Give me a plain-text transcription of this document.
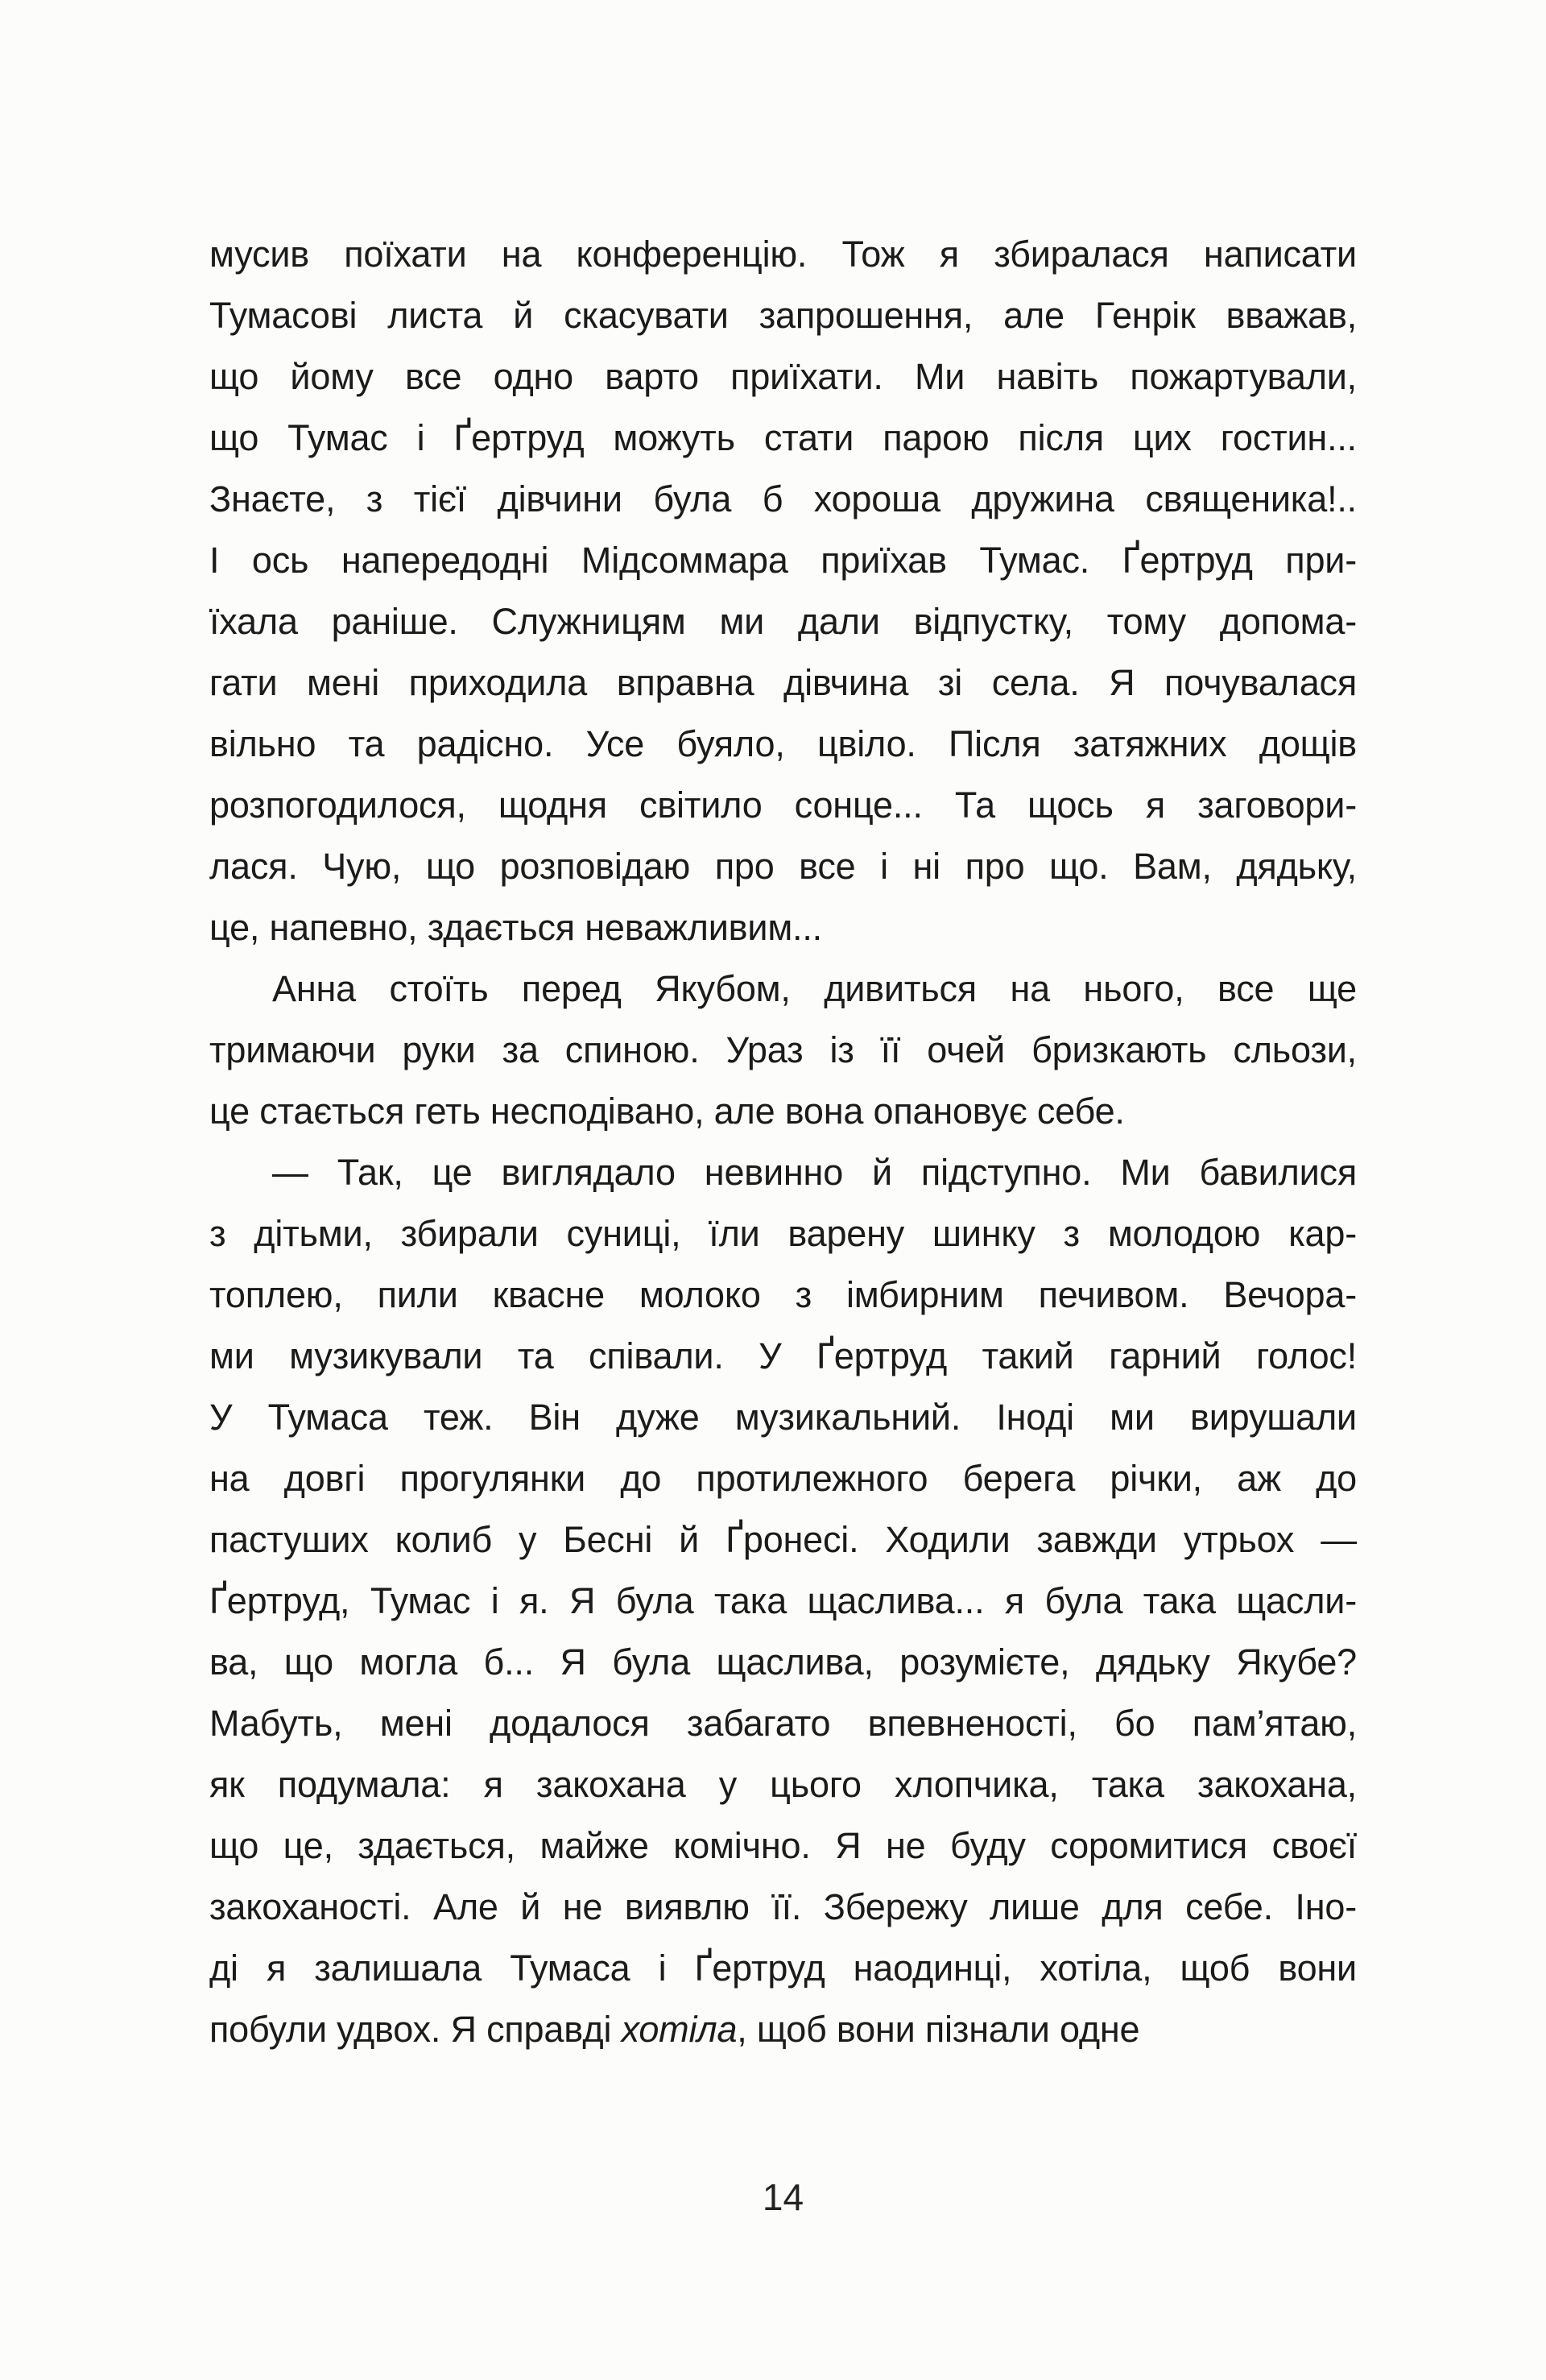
мусив поїхати на конференцію. Тож я збиралася написати
Тумасові листа й скасувати запрошення, але Генрік вважав,
що йому все одно варто приїхати. Ми навіть пожартували,
що Тумас і Ґертруд можуть стати парою після цих гостин...
Знаєте, з тієї дівчини була б хороша дружина священика!..
І ось напередодні Мідсоммара приїхав Тумас. Ґертруд при-
їхала раніше. Служницям ми дали відпустку, тому допома-
гати мені приходила вправна дівчина зі села. Я почувалася
вільно та радісно. Усе буяло, цвіло. Після затяжних дощів
розпогодилося, щодня світило сонце... Та щось я заговори-
лася. Чую, що розповідаю про все і ні про що. Вам, дядьку,
це, напевно, здається неважливим...
Анна стоїть перед Якубом, дивиться на нього, все ще
тримаючи руки за спиною. Ураз із її очей бризкають сльози,
це стається геть несподівано, але вона опановує себе.
— Так, це виглядало невинно й підступно. Ми бавилися
з дітьми, збирали суниці, їли варену шинку з молодою кар-
топлею, пили квасне молоко з імбирним печивом. Вечора-
ми музикували та співали. У Ґертруд такий гарний голос!
У Тумаса теж. Він дуже музикальний. Іноді ми вирушали
на довгі прогулянки до протилежного берега річки, аж до
пастуших колиб у Бесні й Ґронесі. Ходили завжди утрьох —
Ґертруд, Тумас і я. Я була така щаслива... я була така щасли-
ва, що могла б... Я була щаслива, розумієте, дядьку Якубе?
Мабуть, мені додалося забагато впевненості, бо пам’ятаю,
як подумала: я закохана у цього хлопчика, така закохана,
що це, здається, майже комічно. Я не буду соромитися своєї
закоханості. Але й не виявлю її. Збережу лише для себе. Іно-
ді я залишала Тумаса і Ґертруд наодинці, хотіла, щоб вони
побули удвох. Я справді хотіла, щоб вони пізнали одне
14
